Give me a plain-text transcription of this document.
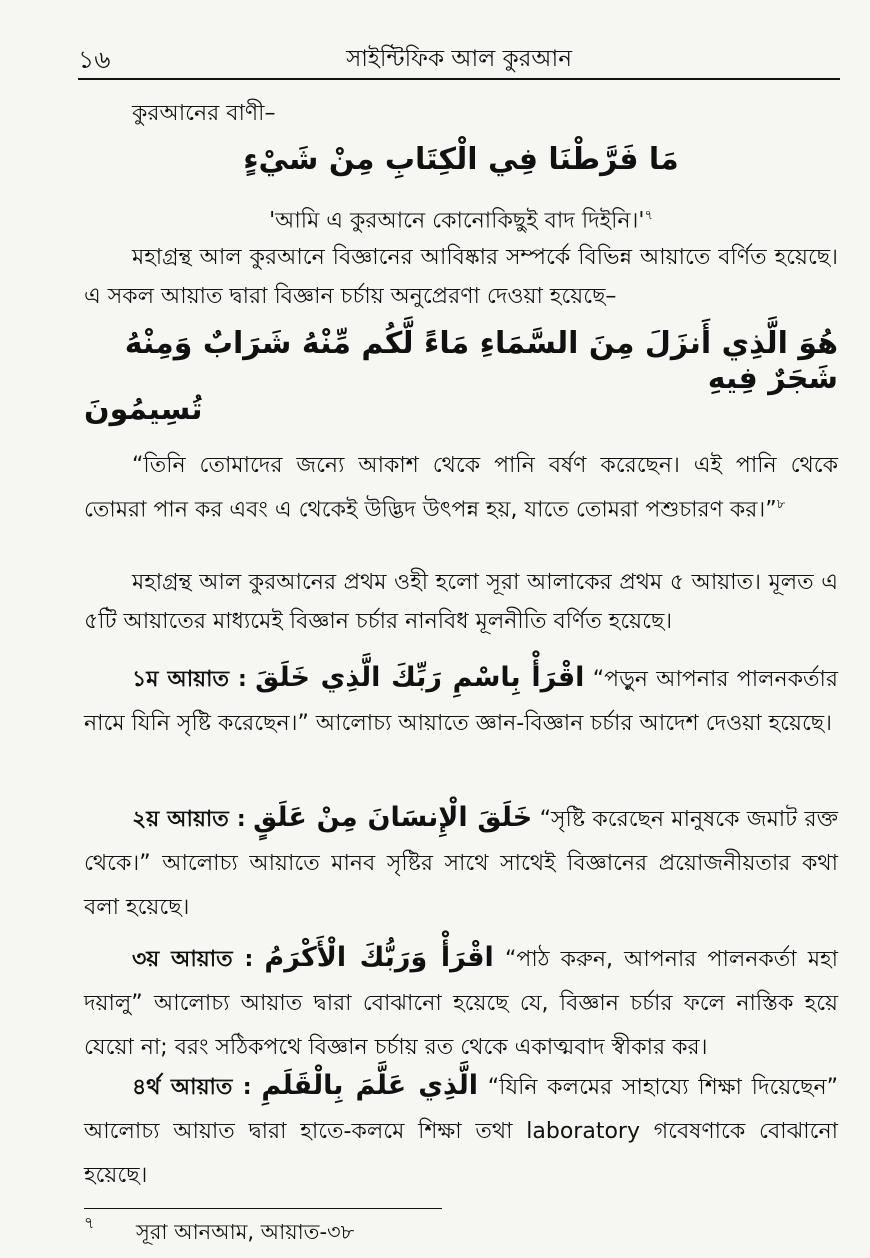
১৬	সাইন্টিফিক আল কুরআন

কুরআনের বাণী–

مَا فَرَّطْنَا فِي الْكِتَابِ مِنْ شَيْءٍ

'আমি এ কুরআনে কোনোকিছুই বাদ দিইনি।'$^৭$

মহাগ্রন্থ আল কুরআনে বিজ্ঞানের আবিষ্কার সম্পর্কে বিভিন্ন আয়াতে বর্ণিত হয়েছে। এ সকল আয়াত দ্বারা বিজ্ঞান চর্চায় অনুপ্রেরণা দেওয়া হয়েছে–

هُوَ الَّذِي أَنزَلَ مِنَ السَّمَاءِ مَاءً لَّكُم مِّنْهُ شَرَابٌ وَمِنْهُ شَجَرٌ فِيهِ
تُسِيمُونَ

“তিনি তোমাদের জন্যে আকাশ থেকে পানি বর্ষণ করেছেন। এই পানি থেকে তোমরা পান কর এবং এ থেকেই উদ্ভিদ উৎপন্ন হয়, যাতে তোমরা পশুচারণ কর।”$^৮$

মহাগ্রন্থ আল কুরআনের প্রথম ওহী হলো সূরা আলাকের প্রথম ৫ আয়াত। মূলত এ ৫টি আয়াতের মাধ্যমেই বিজ্ঞান চর্চার নানবিধ মূলনীতি বর্ণিত হয়েছে।

১ম আয়াত : اقْرَأْ بِاسْمِ رَبِّكَ الَّذِي خَلَقَ “পড়ুন আপনার পালনকর্তার নামে যিনি সৃষ্টি করেছেন।” আলোচ্য আয়াতে জ্ঞান-বিজ্ঞান চর্চার আদেশ দেওয়া হয়েছে।

২য় আয়াত : خَلَقَ الْإِنسَانَ مِنْ عَلَقٍ “সৃষ্টি করেছেন মানুষকে জমাট রক্ত থেকে।” আলোচ্য আয়াতে মানব সৃষ্টির সাথে সাথেই বিজ্ঞানের প্রয়োজনীয়তার কথা বলা হয়েছে।

৩য় আয়াত : اقْرَأْ وَرَبُّكَ الْأَكْرَمُ “পাঠ করুন, আপনার পালনকর্তা মহা দয়ালু” আলোচ্য আয়াত দ্বারা বোঝানো হয়েছে যে, বিজ্ঞান চর্চার ফলে নাস্তিক হয়ে যেয়ো না; বরং সঠিকপথে বিজ্ঞান চর্চায় রত থেকে একাত্মবাদ স্বীকার কর।

৪র্থ আয়াত : الَّذِي عَلَّمَ بِالْقَلَمِ “যিনি কলমের সাহায্যে শিক্ষা দিয়েছেন” আলোচ্য আয়াত দ্বারা হাতে-কলমে শিক্ষা তথা laboratory গবেষণাকে বোঝানো হয়েছে।

৭ সূরা আনআম, আয়াত-৩৮
